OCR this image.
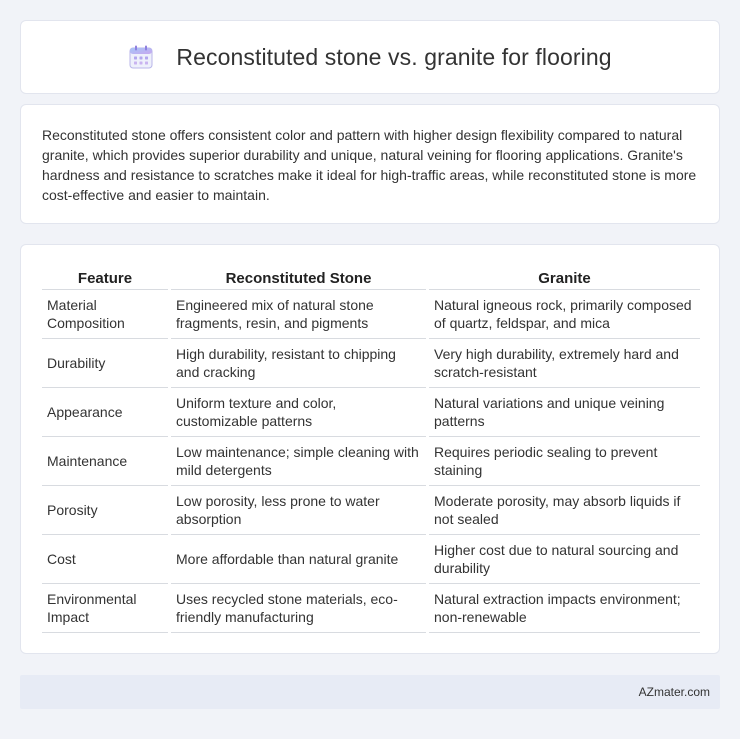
Reconstituted stone vs. granite for flooring

Reconstituted stone offers consistent color and pattern with higher design flexibility compared to natural granite, which provides superior durability and unique, natural veining for flooring applications. Granite's hardness and resistance to scratches make it ideal for high-traffic areas, while reconstituted stone is more cost-effective and easier to maintain.

Feature	Reconstituted Stone	Granite
Material Composition	Engineered mix of natural stone fragments, resin, and pigments	Natural igneous rock, primarily composed of quartz, feldspar, and mica
Durability	High durability, resistant to chipping and cracking	Very high durability, extremely hard and scratch-resistant
Appearance	Uniform texture and color, customizable patterns	Natural variations and unique veining patterns
Maintenance	Low maintenance; simple cleaning with mild detergents	Requires periodic sealing to prevent staining
Porosity	Low porosity, less prone to water absorption	Moderate porosity, may absorb liquids if not sealed
Cost	More affordable than natural granite	Higher cost due to natural sourcing and durability
Environmental Impact	Uses recycled stone materials, eco-friendly manufacturing	Natural extraction impacts environment; non-renewable
AZmater.com
